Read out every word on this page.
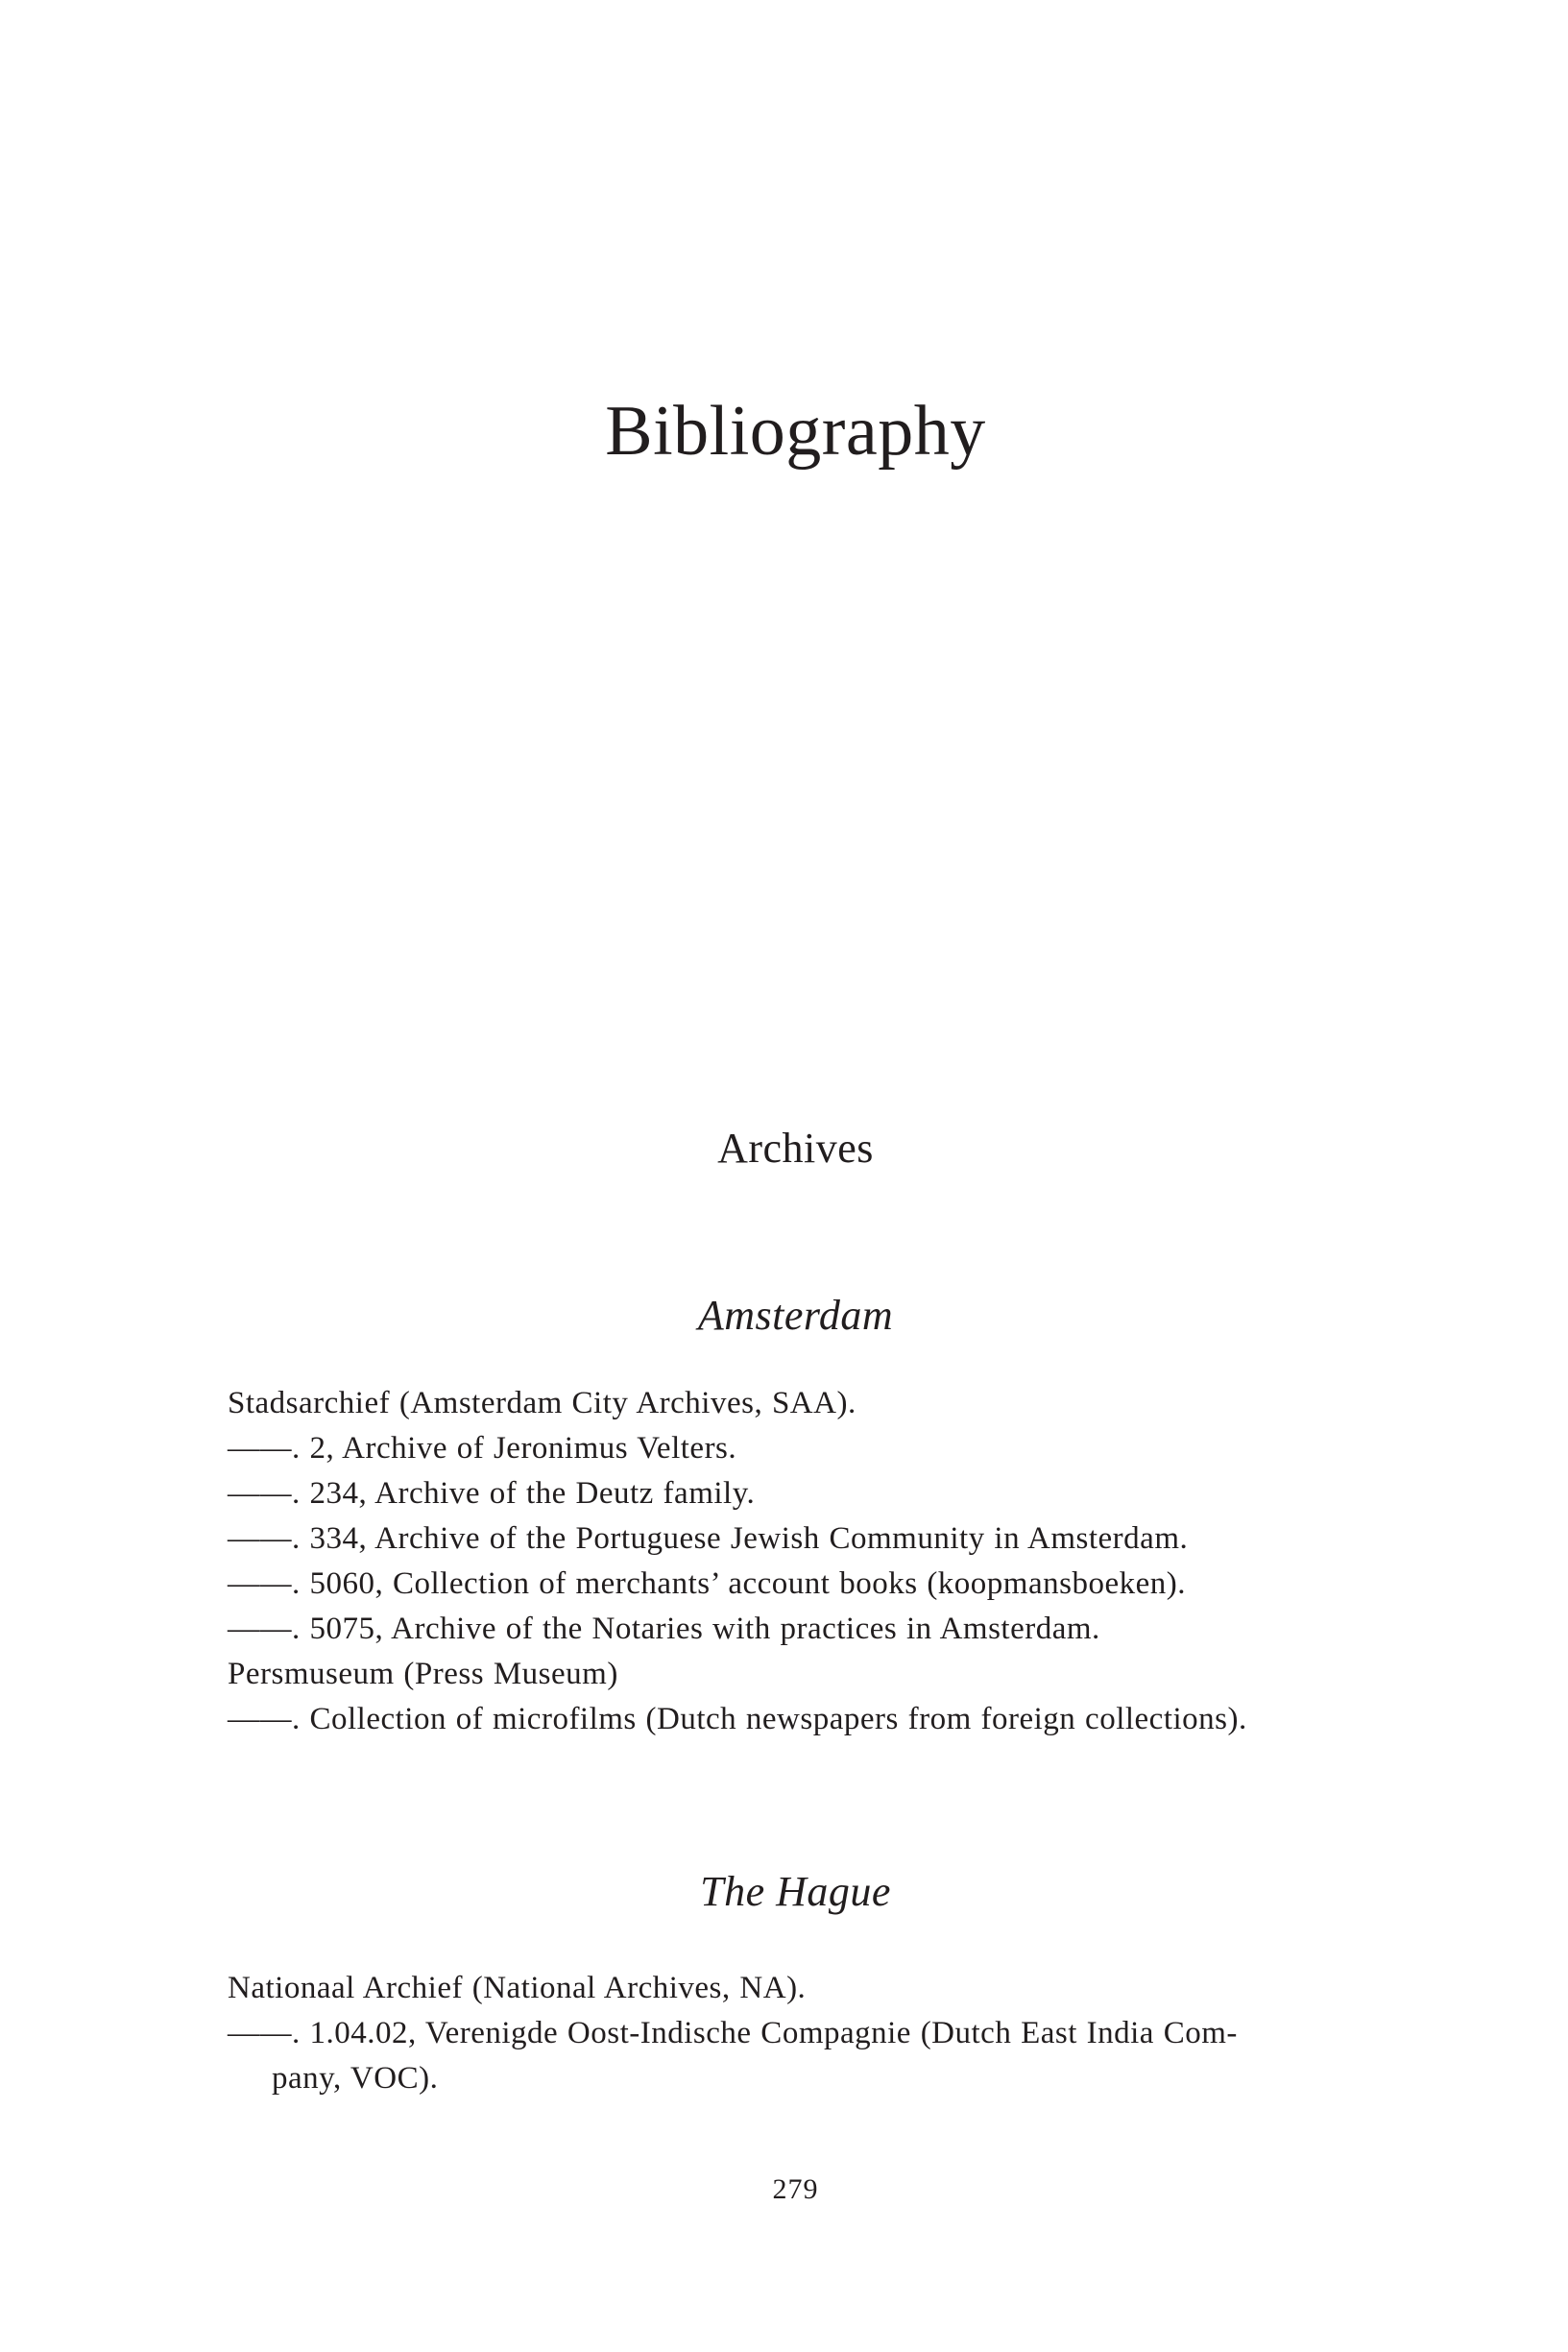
Bibliography
Archives
Amsterdam
Stadsarchief (Amsterdam City Archives, SAA).
——. 2, Archive of Jeronimus Velters.
——. 234, Archive of the Deutz family.
——. 334, Archive of the Portuguese Jewish Community in Amsterdam.
——. 5060, Collection of merchants’ account books (koopmansboeken).
——. 5075, Archive of the Notaries with practices in Amsterdam.
Persmuseum (Press Museum)
——. Collection of microfilms (Dutch newspapers from foreign collections).
The Hague
Nationaal Archief (National Archives, NA).
——. 1.04.02, Verenigde Oost-Indische Compagnie (Dutch East India Com-
pany, VOC).
279
